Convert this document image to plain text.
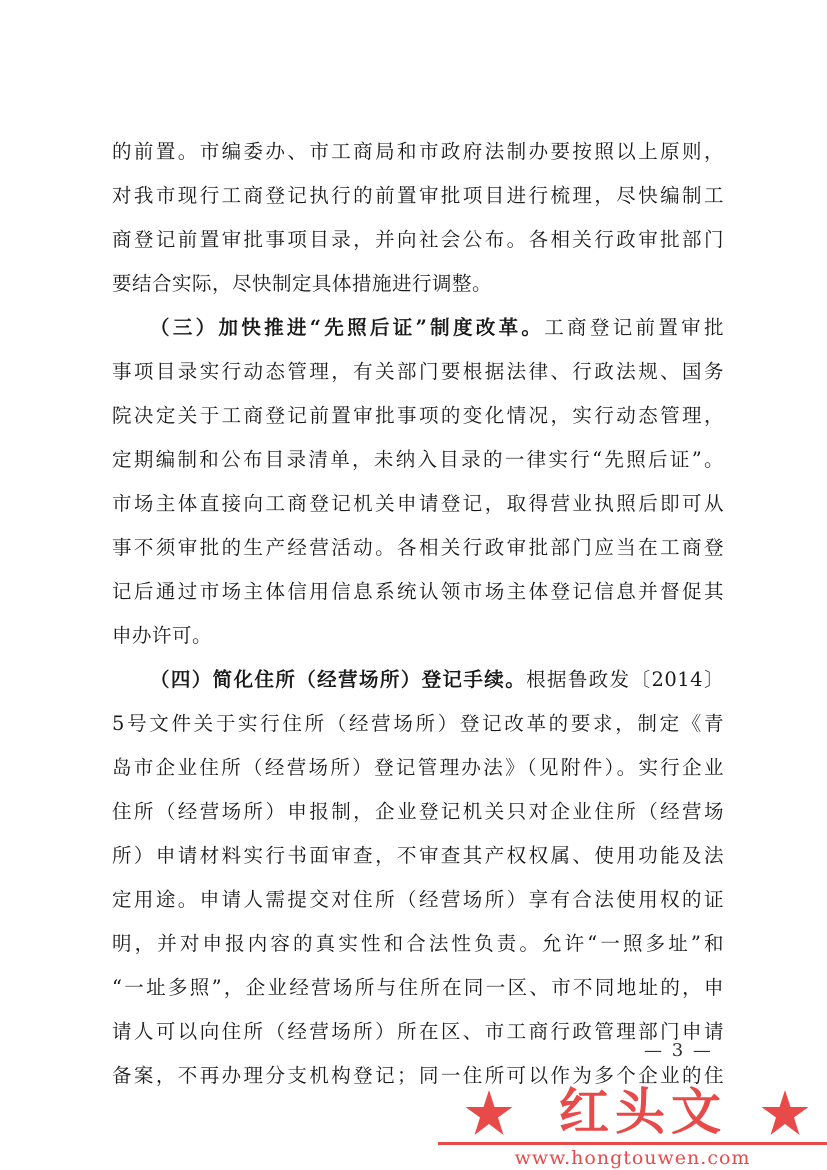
的前置。市编委办、市工商局和市政府法制办要按照以上原则，
对我市现行工商登记执行的前置审批项目进行梳理，尽快编制工
商登记前置审批事项目录，并向社会公布。各相关行政审批部门
要结合实际，尽快制定具体措施进行调整。
（三）加快推进“先照后证”制度改革。工商登记前置审批
事项目录实行动态管理，有关部门要根据法律、行政法规、国务
院决定关于工商登记前置审批事项的变化情况，实行动态管理，
定期编制和公布目录清单，未纳入目录的一律实行“先照后证”。
市场主体直接向工商登记机关申请登记，取得营业执照后即可从
事不须审批的生产经营活动。各相关行政审批部门应当在工商登
记后通过市场主体信用信息系统认领市场主体登记信息并督促其
申办许可。
（四）简化住所（经营场所）登记手续。根据鲁政发〔2014〕
5号文件关于实行住所（经营场所）登记改革的要求，制定《青
岛市企业住所（经营场所）登记管理办法》（见附件）。实行企业
住所（经营场所）申报制，企业登记机关只对企业住所（经营场
所）申请材料实行书面审查，不审查其产权权属、使用功能及法
定用途。申请人需提交对住所（经营场所）享有合法使用权的证
明，并对申报内容的真实性和合法性负责。允许“一照多址”和
“一址多照”，企业经营场所与住所在同一区、市不同地址的，申
请人可以向住所（经营场所）所在区、市工商行政管理部门申请
备案，不再办理分支机构登记；同一住所可以作为多个企业的住
— 3 —
红头文
www.hongtouwen.com
